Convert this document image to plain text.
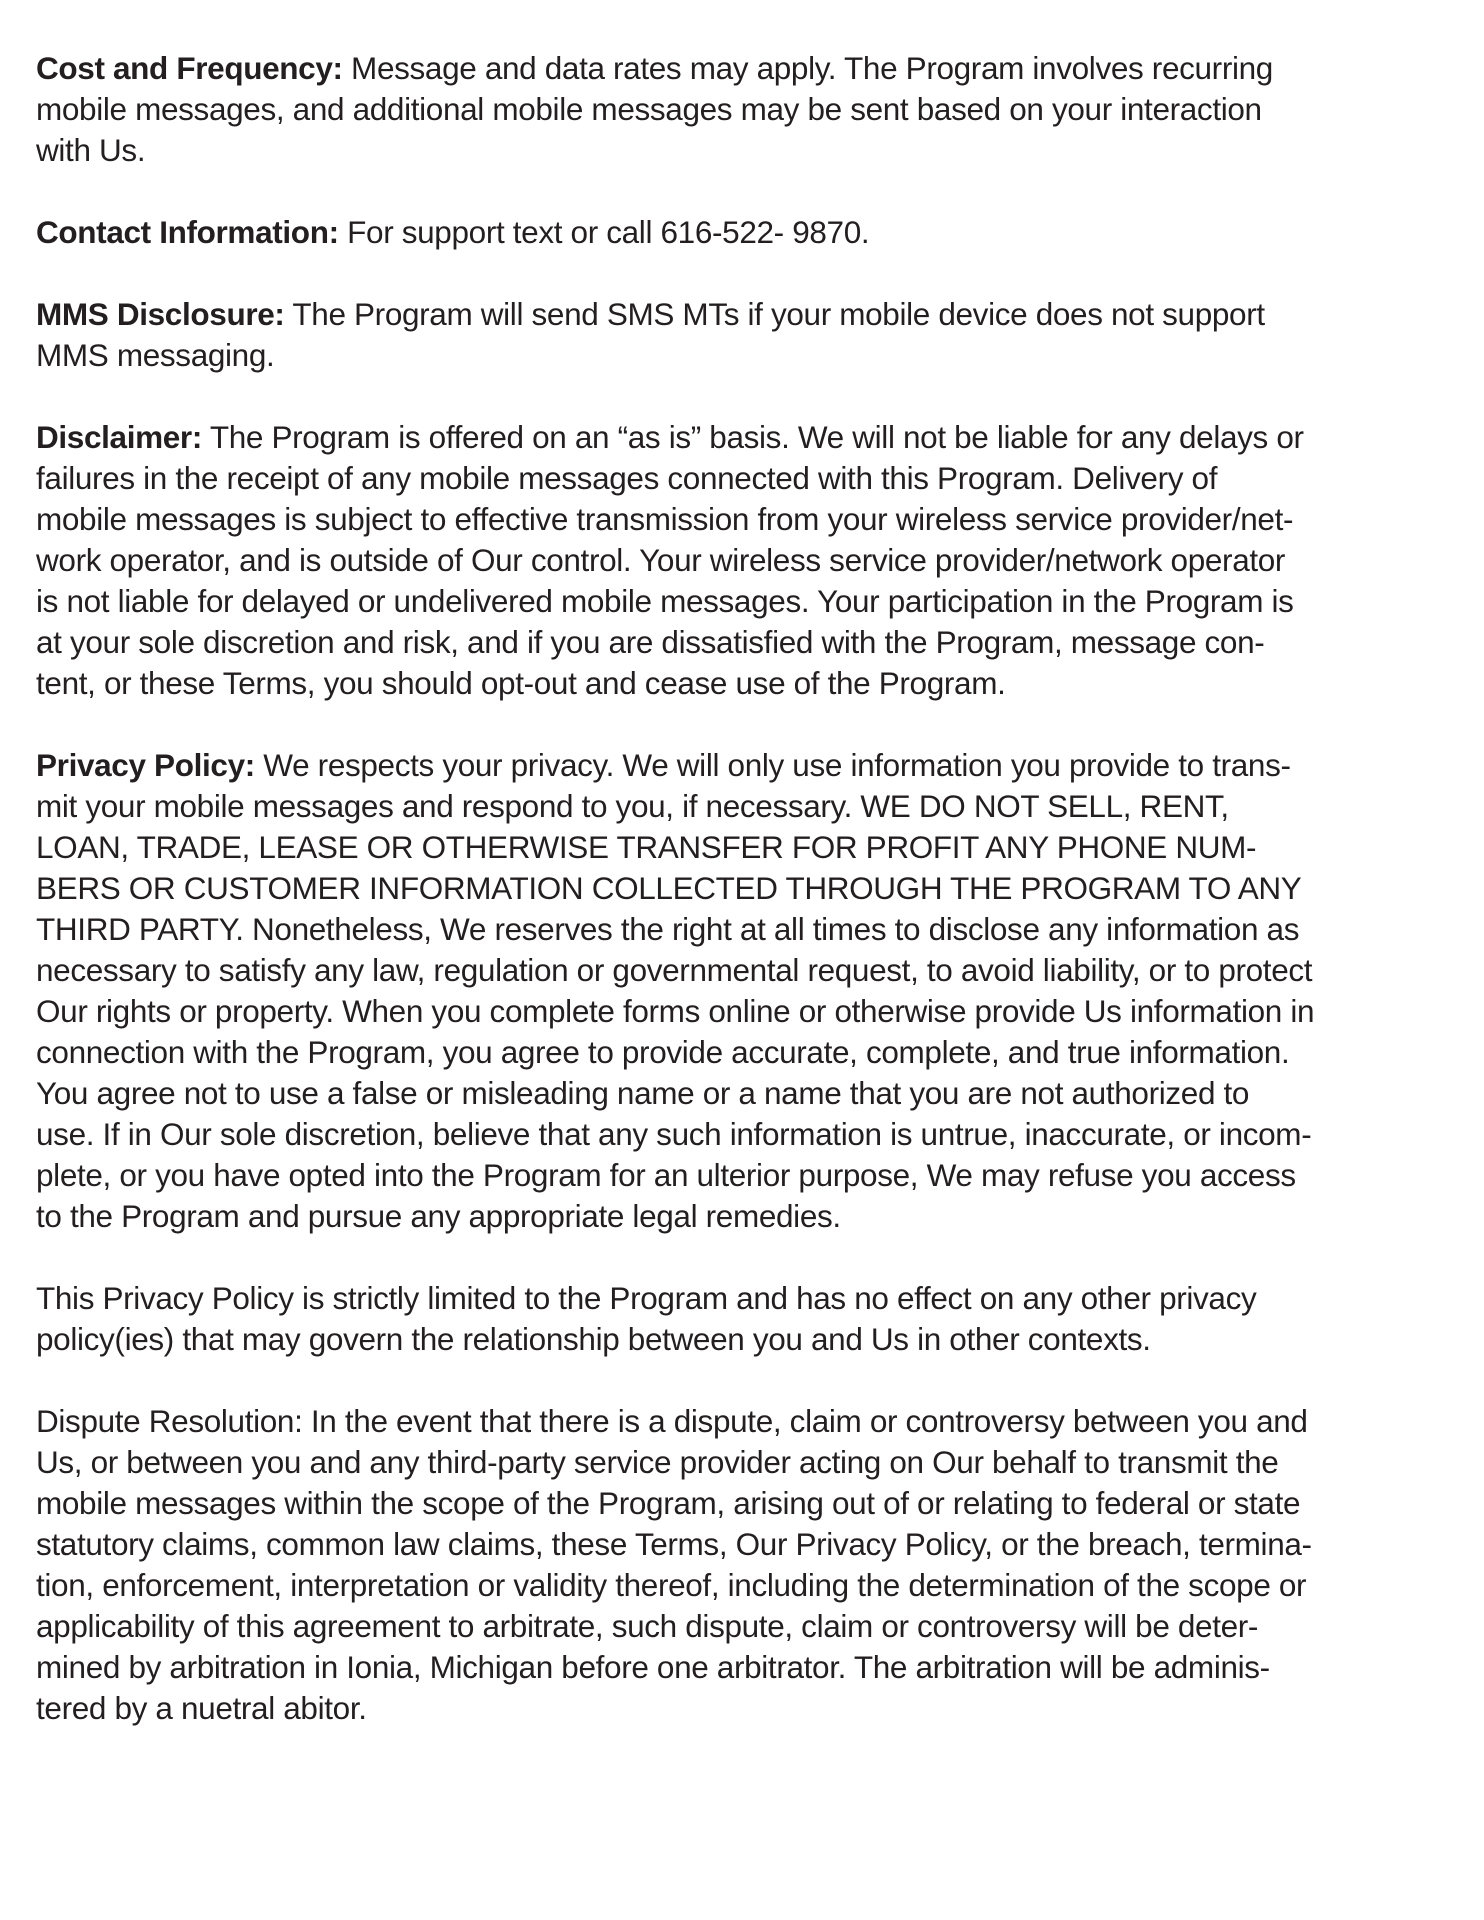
Cost and Frequency: Message and data rates may apply. The Program involves recurring
mobile messages, and additional mobile messages may be sent based on your interaction
with Us.

Contact Information: For support text or call 616-522- 9870.

MMS Disclosure: The Program will send SMS MTs if your mobile device does not support
MMS messaging.

Disclaimer: The Program is offered on an “as is” basis. We will not be liable for any delays or
failures in the receipt of any mobile messages connected with this Program. Delivery of
mobile messages is subject to effective transmission from your wireless service provider/net-
work operator, and is outside of Our control. Your wireless service provider/network operator
is not liable for delayed or undelivered mobile messages. Your participation in the Program is
at your sole discretion and risk, and if you are dissatisfied with the Program, message con-
tent, or these Terms, you should opt-out and cease use of the Program.

Privacy Policy: We respects your privacy. We will only use information you provide to trans-
mit your mobile messages and respond to you, if necessary. WE DO NOT SELL, RENT,
LOAN, TRADE, LEASE OR OTHERWISE TRANSFER FOR PROFIT ANY PHONE NUM-
BERS OR CUSTOMER INFORMATION COLLECTED THROUGH THE PROGRAM TO ANY
THIRD PARTY. Nonetheless, We reserves the right at all times to disclose any information as
necessary to satisfy any law, regulation or governmental request, to avoid liability, or to protect
Our rights or property. When you complete forms online or otherwise provide Us information in
connection with the Program, you agree to provide accurate, complete, and true information.
You agree not to use a false or misleading name or a name that you are not authorized to
use. If in Our sole discretion, believe that any such information is untrue, inaccurate, or incom-
plete, or you have opted into the Program for an ulterior purpose, We may refuse you access
to the Program and pursue any appropriate legal remedies.

This Privacy Policy is strictly limited to the Program and has no effect on any other privacy
policy(ies) that may govern the relationship between you and Us in other contexts.

Dispute Resolution: In the event that there is a dispute, claim or controversy between you and
Us, or between you and any third-party service provider acting on Our behalf to transmit the
mobile messages within the scope of the Program, arising out of or relating to federal or state
statutory claims, common law claims, these Terms, Our Privacy Policy, or the breach, termina-
tion, enforcement, interpretation or validity thereof, including the determination of the scope or
applicability of this agreement to arbitrate, such dispute, claim or controversy will be deter-
mined by arbitration in Ionia, Michigan before one arbitrator. The arbitration will be adminis-
tered by a nuetral abitor.
